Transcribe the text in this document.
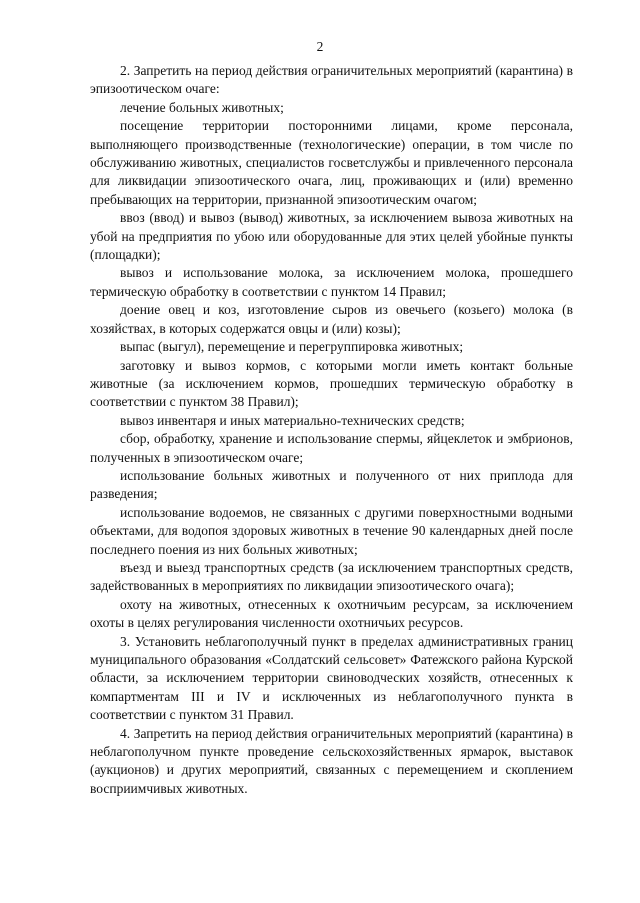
2

2. Запретить на период действия ограничительных мероприятий (карантина) в эпизоотическом очаге:

лечение больных животных;

посещение территории посторонними лицами, кроме персонала, выполняющего производственные (технологические) операции, в том числе по обслуживанию животных, специалистов госветслужбы и привлеченного персонала для ликвидации эпизоотического очага, лиц, проживающих и (или) временно пребывающих на территории, признанной эпизоотическим очагом;

ввоз (ввод) и вывоз (вывод) животных, за исключением вывоза животных на убой на предприятия по убою или оборудованные для этих целей убойные пункты (площадки);

вывоз и использование молока, за исключением молока, прошедшего термическую обработку в соответствии с пунктом 14 Правил;

доение овец и коз, изготовление сыров из овечьего (козьего) молока (в хозяйствах, в которых содержатся овцы и (или) козы);

выпас (выгул), перемещение и перегруппировка животных;

заготовку и вывоз кормов, с которыми могли иметь контакт больные животные (за исключением кормов, прошедших термическую обработку в соответствии с пунктом 38 Правил);

вывоз инвентаря и иных материально-технических средств;

сбор, обработку, хранение и использование спермы, яйцеклеток и эмбрионов, полученных в эпизоотическом очаге;

использование больных животных и полученного от них приплода для разведения;

использование водоемов, не связанных с другими поверхностными водными объектами, для водопоя здоровых животных в течение 90 календарных дней после последнего поения из них больных животных;

въезд и выезд транспортных средств (за исключением транспортных средств, задействованных в мероприятиях по ликвидации эпизоотического очага);

охоту на животных, отнесенных к охотничьим ресурсам, за исключением охоты в целях регулирования численности охотничьих ресурсов.

3. Установить неблагополучный пункт в пределах административных границ муниципального образования «Солдатский сельсовет» Фатежского района Курской области, за исключением территории свиноводческих хозяйств, отнесенных к компартментам III и IV и исключенных из неблагополучного пункта в соответствии с пунктом 31 Правил.

4. Запретить на период действия ограничительных мероприятий (карантина) в неблагополучном пункте проведение сельскохозяйственных ярмарок, выставок (аукционов) и других мероприятий, связанных с перемещением и скоплением восприимчивых животных.
